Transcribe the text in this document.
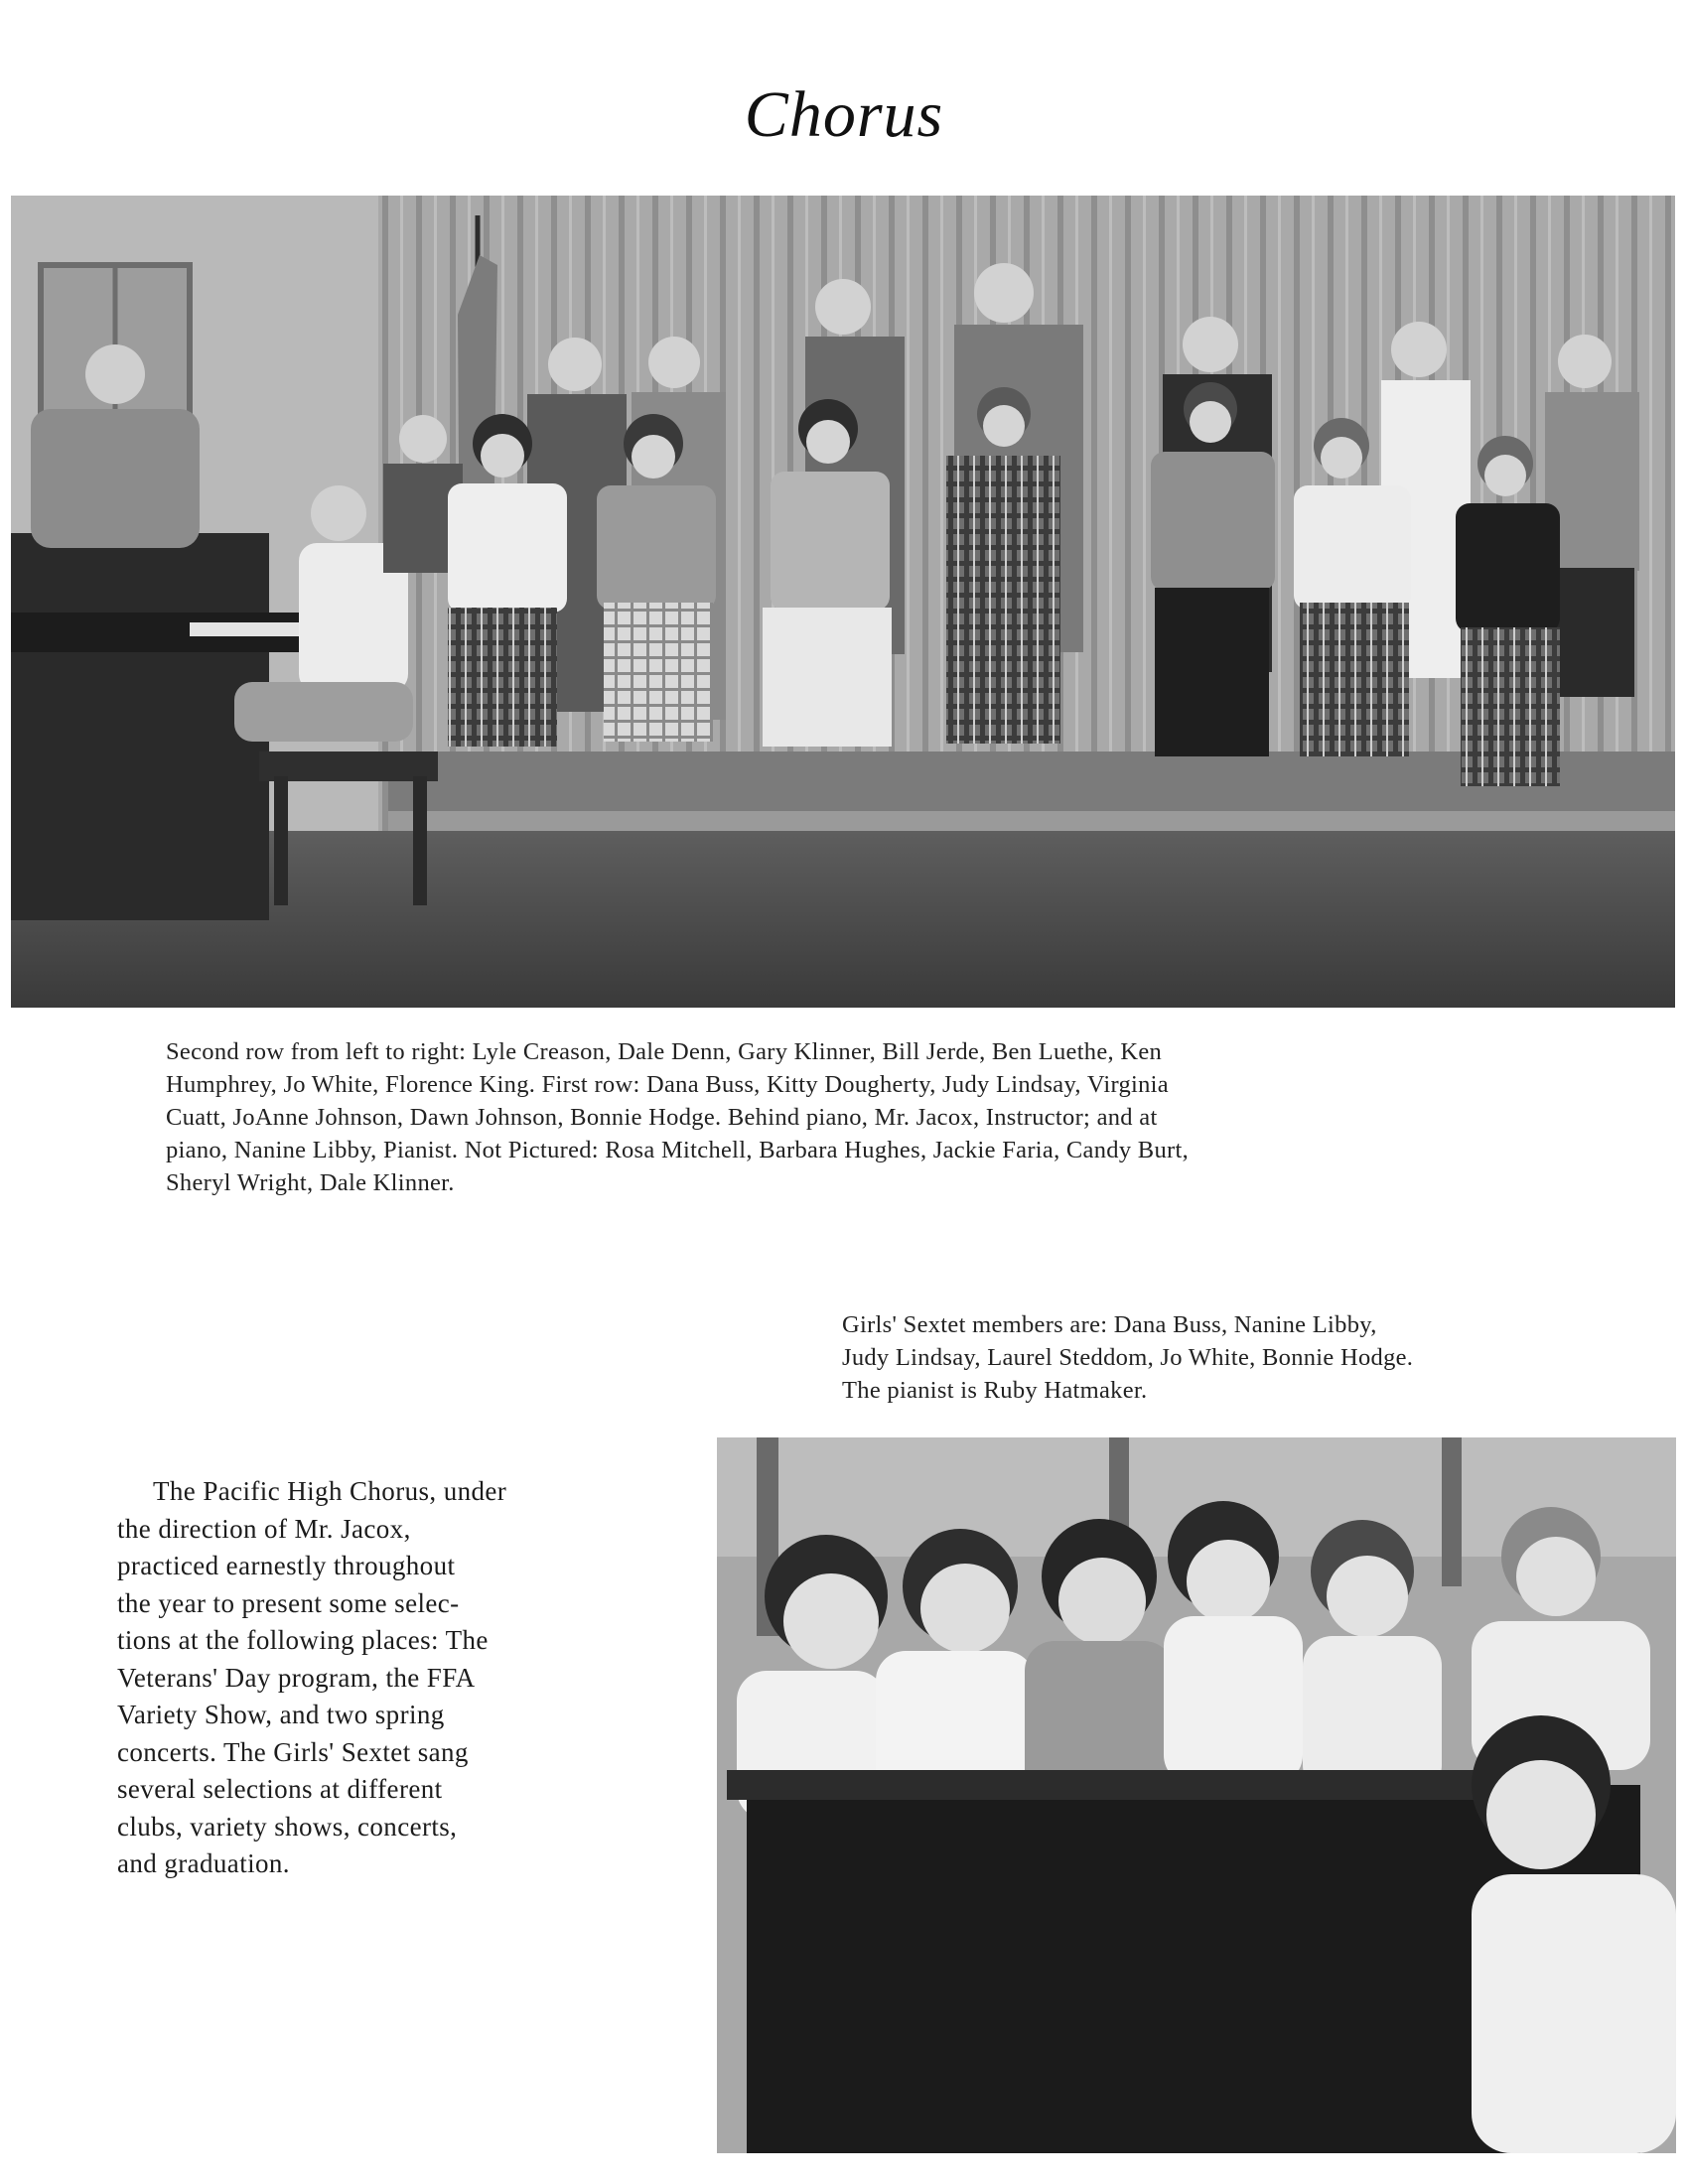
Chorus
Second row from left to right: Lyle Creason, Dale Denn, Gary Klinner, Bill Jerde, Ben Luethe, Ken
Humphrey, Jo White, Florence King. First row: Dana Buss, Kitty Dougherty, Judy Lindsay, Virginia
Cuatt, JoAnne Johnson, Dawn Johnson, Bonnie Hodge. Behind piano, Mr. Jacox, Instructor; and at
piano, Nanine Libby, Pianist. Not Pictured: Rosa Mitchell, Barbara Hughes, Jackie Faria, Candy Burt,
Sheryl Wright, Dale Klinner.
Girls' Sextet members are: Dana Buss, Nanine Libby,
Judy Lindsay, Laurel Steddom, Jo White, Bonnie Hodge.
The pianist is Ruby Hatmaker.
The Pacific High Chorus, under
the direction of Mr. Jacox,
practiced earnestly throughout
the year to present some selec-
tions at the following places: The
Veterans' Day program, the FFA
Variety Show, and two spring
concerts. The Girls' Sextet sang
several selections at different
clubs, variety shows, concerts,
and graduation.
